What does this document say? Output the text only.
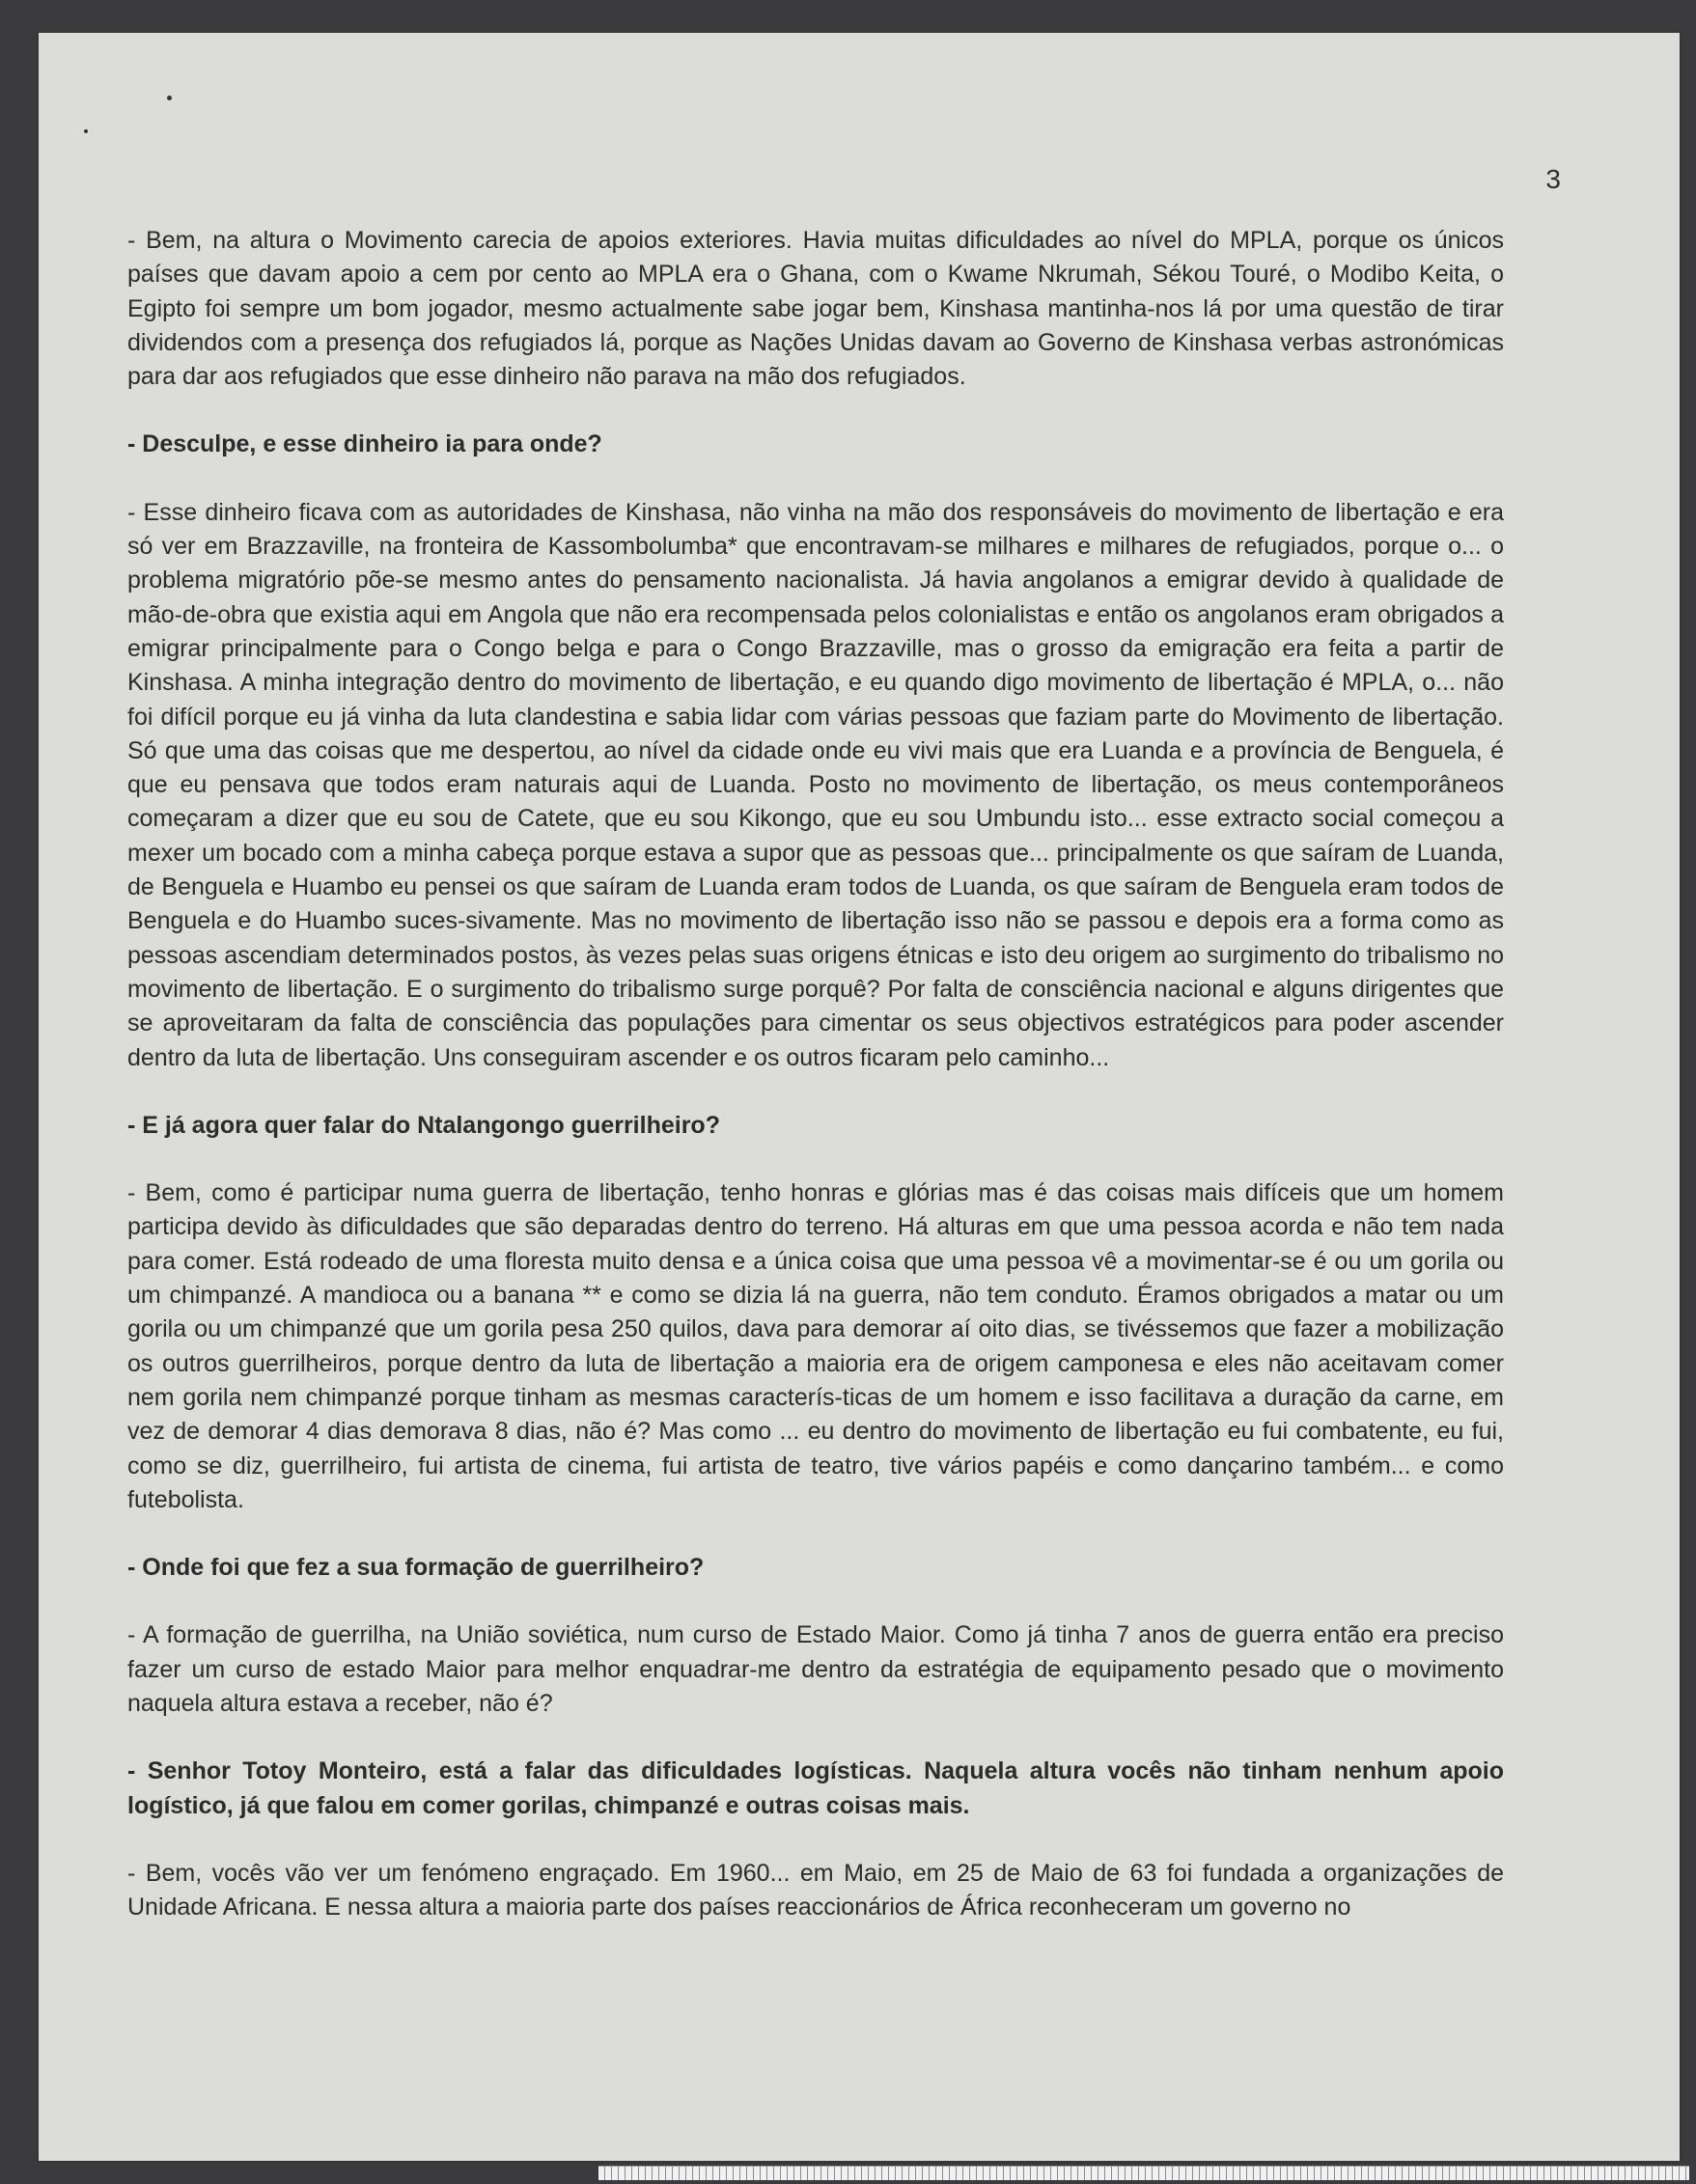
3

- Bem, na altura o Movimento carecia de apoios exteriores. Havia muitas dificuldades ao nível do MPLA, porque os únicos países que davam apoio a cem por cento ao MPLA era o Ghana, com o Kwame Nkrumah, Sékou Touré, o Modibo Keita, o Egipto foi sempre um bom jogador, mesmo actualmente sabe jogar bem, Kinshasa mantinha-nos lá por uma questão de tirar dividendos com a presença dos refugiados lá, porque as Nações Unidas davam ao Governo de Kinshasa verbas astronómicas para dar aos refugiados que esse dinheiro não parava na mão dos refugiados.

- Desculpe, e esse dinheiro ia para onde?

- Esse dinheiro ficava com as autoridades de Kinshasa, não vinha na mão dos responsáveis do movimento de libertação e era só ver em Brazzaville, na fronteira de Kassombolumba* que encontravam-se milhares e milhares de refugiados, porque o... o problema migratório põe-se mesmo antes do pensamento nacionalista. Já havia angolanos a emigrar devido à qualidade de mão-de-obra que existia aqui em Angola que não era recompensada pelos colonialistas e então os angolanos eram obrigados a emigrar principalmente para o Congo belga e para o Congo Brazzaville, mas o grosso da emigração era feita a partir de Kinshasa. A minha integração dentro do movimento de libertação, e eu quando digo movimento de libertação é MPLA, o... não foi difícil porque eu já vinha da luta clandestina e sabia lidar com várias pessoas que faziam parte do Movimento de libertação. Só que uma das coisas que me despertou, ao nível da cidade onde eu vivi mais que era Luanda e a província de Benguela, é que eu pensava que todos eram naturais aqui de Luanda. Posto no movimento de libertação, os meus contemporâneos começaram a dizer que eu sou de Catete, que eu sou Kikongo, que eu sou Umbundu isto... esse extracto social começou a mexer um bocado com a minha cabeça porque estava a supor que as pessoas que... principalmente os que saíram de Luanda, de Benguela e Huambo eu pensei os que saíram de Luanda eram todos de Luanda, os que saíram de Benguela eram todos de Benguela e do Huambo suces-sivamente. Mas no movimento de libertação isso não se passou e depois era a forma como as pessoas ascendiam determinados postos, às vezes pelas suas origens étnicas e isto deu origem ao surgimento do tribalismo no movimento de libertação. E o surgimento do tribalismo surge porquê? Por falta de consciência nacional e alguns dirigentes que se aproveitaram da falta de consciência das populações para cimentar os seus objectivos estratégicos para poder ascender dentro da luta de libertação. Uns conseguiram ascender e os outros ficaram pelo caminho...

- E já agora quer falar do Ntalangongo guerrilheiro?

- Bem, como é participar numa guerra de libertação, tenho honras e glórias mas é das coisas mais difíceis que um homem participa devido às dificuldades que são deparadas dentro do terreno. Há alturas em que uma pessoa acorda e não tem nada para comer. Está rodeado de uma floresta muito densa e a única coisa que uma pessoa vê a movimentar-se é ou um gorila ou um chimpanzé. A mandioca ou a banana ** e como se dizia lá na guerra, não tem conduto. Éramos obrigados a matar ou um gorila ou um chimpanzé que um gorila pesa 250 quilos, dava para demorar aí oito dias, se tivéssemos que fazer a mobilização os outros guerrilheiros, porque dentro da luta de libertação a maioria era de origem camponesa e eles não aceitavam comer nem gorila nem chimpanzé porque tinham as mesmas caracterís-ticas de um homem e isso facilitava a duração da carne, em vez de demorar 4 dias demorava 8 dias, não é? Mas como ... eu dentro do movimento de libertação eu fui combatente, eu fui, como se diz, guerrilheiro, fui artista de cinema, fui artista de teatro, tive vários papéis e como dançarino também... e como futebolista.

- Onde foi que fez a sua formação de guerrilheiro?

- A formação de guerrilha, na União soviética, num curso de Estado Maior. Como já tinha 7 anos de guerra então era preciso fazer um curso de estado Maior para melhor enquadrar-me dentro da estratégia de equipamento pesado que o movimento naquela altura estava a receber, não é?

- Senhor Totoy Monteiro, está a falar das dificuldades logísticas. Naquela altura vocês não tinham nenhum apoio logístico, já que falou em comer gorilas, chimpanzé e outras coisas mais.

- Bem, vocês vão ver um fenómeno engraçado. Em 1960... em Maio, em 25 de Maio de 63 foi fundada a organizações de Unidade Africana. E nessa altura a maioria parte dos países reaccionários de África reconheceram um governo no
